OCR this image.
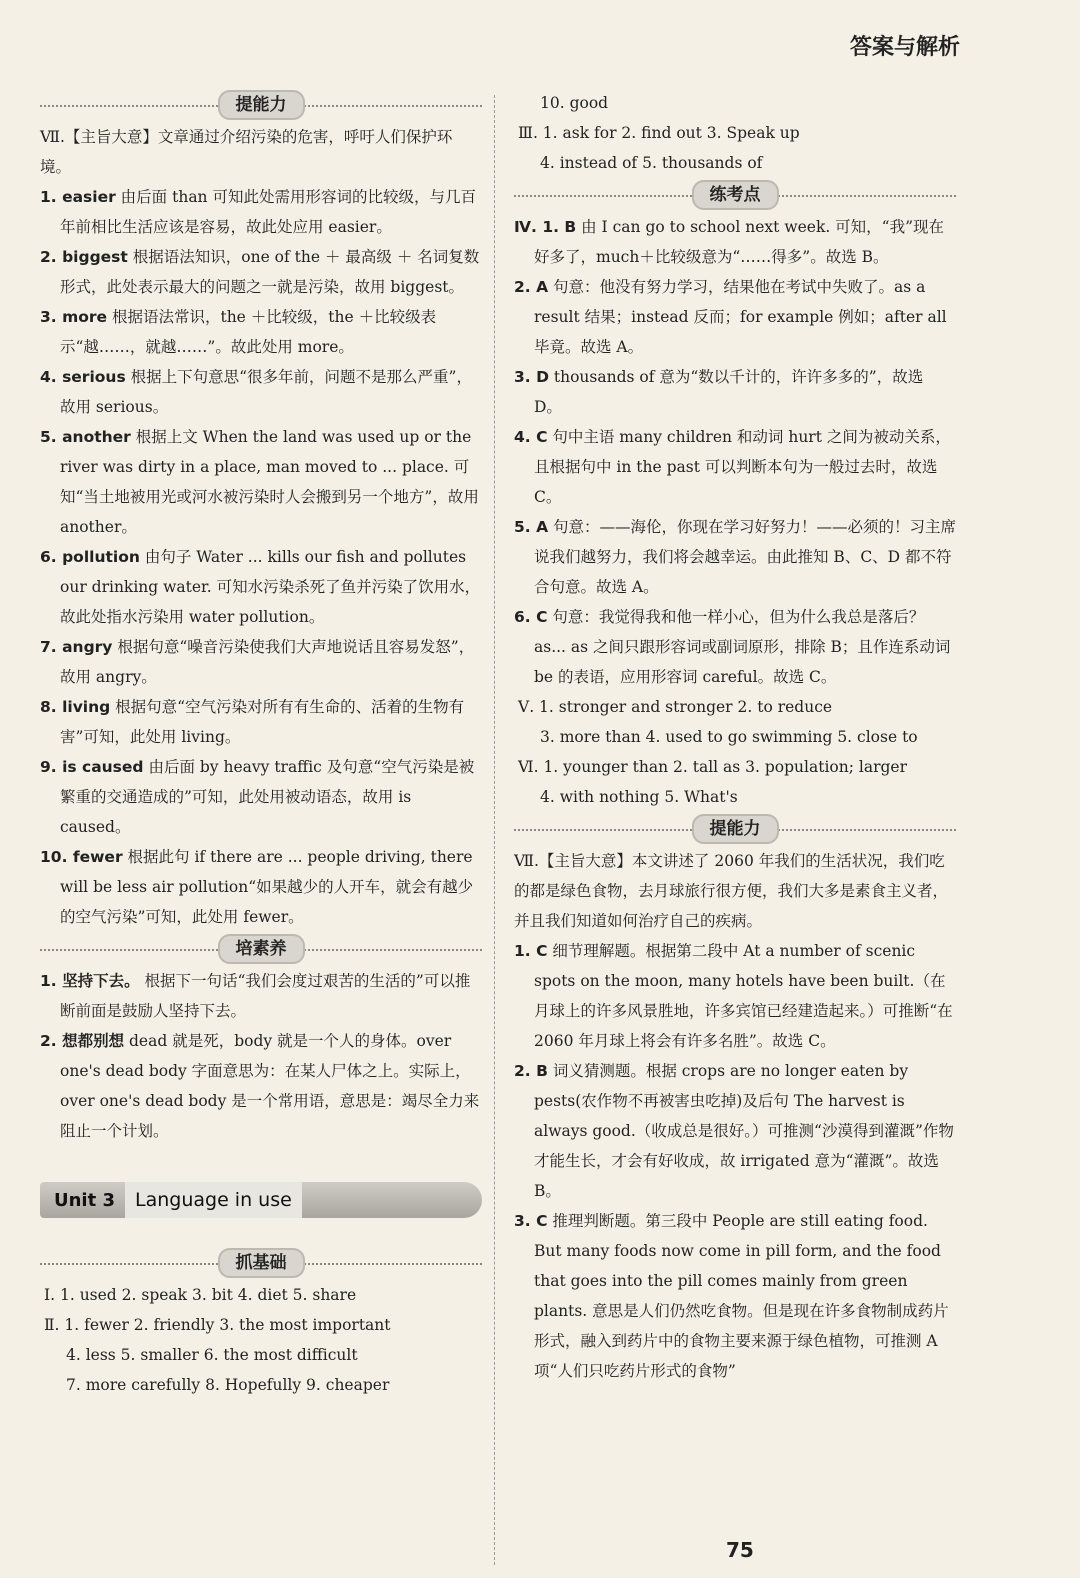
答案与解析
提能力

Ⅶ.【主旨大意】文章通过介绍污染的危害，呼吁人们保护环境。

1. easier 由后面 than 可知此处需用形容词的比较级，与几百年前相比生活应该是容易，故此处应用 easier。

2. biggest 根据语法知识，one of the ＋ 最高级 ＋ 名词复数形式，此处表示最大的问题之一就是污染，故用 biggest。

3. more 根据语法常识，the ＋比较级，the ＋比较级表示“越……，就越……”。故此处用 more。

4. serious 根据上下句意思“很多年前，问题不是那么严重”，故用 serious。

5. another 根据上文 When the land was used up or the river was dirty in a place, man moved to ... place. 可知“当土地被用光或河水被污染时人会搬到另一个地方”，故用 another。

6. pollution 由句子 Water ... kills our fish and pollutes our drinking water. 可知水污染杀死了鱼并污染了饮用水，故此处指水污染用 water pollution。

7. angry 根据句意“噪音污染使我们大声地说话且容易发怒”，故用 angry。

8. living 根据句意“空气污染对所有有生命的、活着的生物有害”可知，此处用 living。

9. is caused 由后面 by heavy traffic 及句意“空气污染是被繁重的交通造成的”可知，此处用被动语态，故用 is caused。

10. fewer 根据此句 if there are ... people driving, there will be less air pollution“如果越少的人开车，就会有越少的空气污染”可知，此处用 fewer。

培素养

1. 坚持下去。 根据下一句话“我们会度过艰苦的生活的”可以推断前面是鼓励人坚持下去。

2. 想都别想 dead 就是死，body 就是一个人的身体。over one's dead body 字面意思为：在某人尸体之上。实际上，over one's dead body 是一个常用语，意思是：竭尽全力来阻止一个计划。

Unit 3 Language in use
抓基础

Ⅰ. 1. used 2. speak 3. bit 4. diet 5. share

Ⅱ. 1. fewer 2. friendly 3. the most important

4. less 5. smaller 6. the most difficult

7. more carefully 8. Hopefully 9. cheaper

10. good

Ⅲ. 1. ask for 2. find out 3. Speak up

4. instead of 5. thousands of

练考点

Ⅳ. 1. B 由 I can go to school next week. 可知，“我”现在好多了，much＋比较级意为“……得多”。故选 B。

2. A 句意：他没有努力学习，结果他在考试中失败了。as a result 结果；instead 反而；for example 例如；after all 毕竟。故选 A。

3. D thousands of 意为“数以千计的，许许多多的”，故选 D。

4. C 句中主语 many children 和动词 hurt 之间为被动关系，且根据句中 in the past 可以判断本句为一般过去时，故选 C。

5. A 句意：——海伦，你现在学习好努力！——必须的！习主席说我们越努力，我们将会越幸运。由此推知 B、C、D 都不符合句意。故选 A。

6. C 句意：我觉得我和他一样小心，但为什么我总是落后？as... as 之间只跟形容词或副词原形，排除 B；且作连系动词 be 的表语，应用形容词 careful。故选 C。

Ⅴ. 1. stronger and stronger 2. to reduce

3. more than 4. used to go swimming 5. close to

Ⅵ. 1. younger than 2. tall as 3. population; larger

4. with nothing 5. What's

提能力

Ⅶ.【主旨大意】本文讲述了 2060 年我们的生活状况，我们吃的都是绿色食物，去月球旅行很方便，我们大多是素食主义者，并且我们知道如何治疗自己的疾病。

1. C 细节理解题。根据第二段中 At a number of scenic spots on the moon, many hotels have been built.（在月球上的许多风景胜地，许多宾馆已经建造起来。）可推断“在 2060 年月球上将会有许多名胜”。故选 C。

2. B 词义猜测题。根据 crops are no longer eaten by pests(农作物不再被害虫吃掉)及后句 The harvest is always good.（收成总是很好。）可推测“沙漠得到灌溉”作物才能生长，才会有好收成，故 irrigated 意为“灌溉”。故选 B。

3. C 推理判断题。第三段中 People are still eating food. But many foods now come in pill form, and the food that goes into the pill comes mainly from green plants. 意思是人们仍然吃食物。但是现在许多食物制成药片形式，融入到药片中的食物主要来源于绿色植物，可推测 A 项“人们只吃药片形式的食物”

75
